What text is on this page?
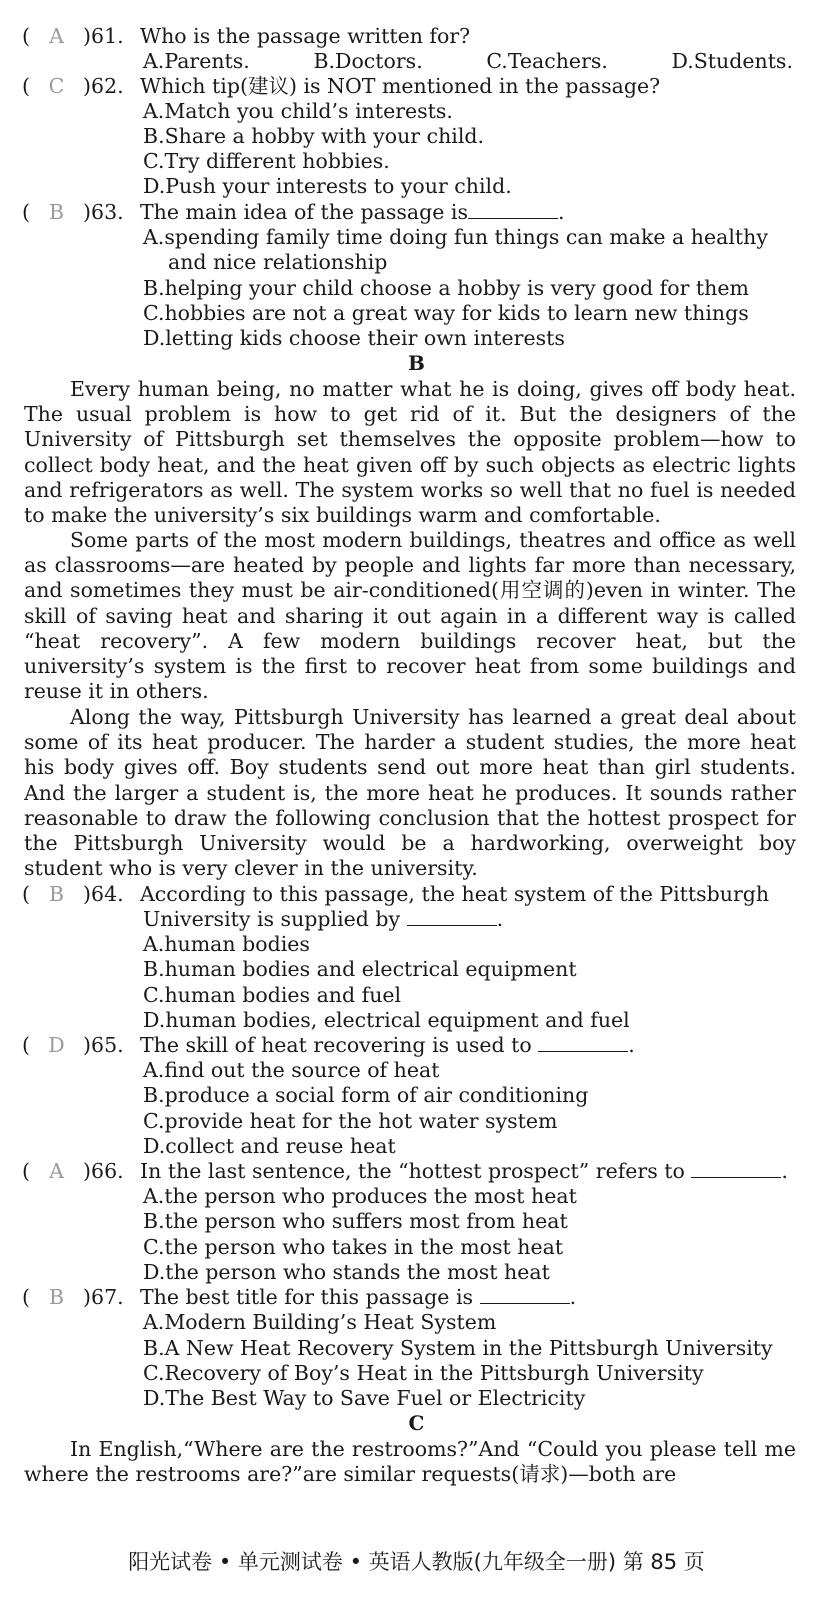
( A )61. Who is the passage written for?
A.Parents.	B.Doctors.	C.Teachers.	D.Students.
( C )62. Which tip(建议) is NOT mentioned in the passage?
A.Match you child’s interests.
B.Share a hobby with your child.
C.Try different hobbies.
D.Push your interests to your child.
( B )63. The main idea of the passage is	.
A.spending family time doing fun things can make a healthy
and nice relationship
B.helping your child choose a hobby is very good for them
C.hobbies are not a great way for kids to learn new things
D.letting kids choose their own interests
B
Every human being, no matter what he is doing, gives off body heat. The usual problem is how to get rid of it. But the designers of the University of Pittsburgh set themselves the opposite problem—how to collect body heat, and the heat given off by such objects as electric lights and refrigerators as well. The system works so well that no fuel is needed to make the university’s six buildings warm and comfortable.
Some parts of the most modern buildings, theatres and office as well as classrooms—are heated by people and lights far more than necessary, and sometimes they must be air-conditioned(用空调的)even in winter. The skill of saving heat and sharing it out again in a different way is called “heat recovery”. A few modern buildings recover heat, but the university’s system is the first to recover heat from some buildings and reuse it in others.
Along the way, Pittsburgh University has learned a great deal about some of its heat producer. The harder a student studies, the more heat his body gives off. Boy students send out more heat than girl students. And the larger a student is, the more heat he produces. It sounds rather reasonable to draw the following conclusion that the hottest prospect for the Pittsburgh University would be a hardworking, overweight boy student who is very clever in the university.
( B )64. According to this passage, the heat system of the Pittsburgh
University is supplied by	.
A.human bodies
B.human bodies and electrical equipment
C.human bodies and fuel
D.human bodies, electrical equipment and fuel
( D )65. The skill of heat recovering is used to	.
A.find out the source of heat
B.produce a social form of air conditioning
C.provide heat for the hot water system
D.collect and reuse heat
( A )66. In the last sentence, the “hottest prospect” refers to	.
A.the person who produces the most heat
B.the person who suffers most from heat
C.the person who takes in the most heat
D.the person who stands the most heat
( B )67. The best title for this passage is	.
A.Modern Building’s Heat System
B.A New Heat Recovery System in the Pittsburgh University
C.Recovery of Boy’s Heat in the Pittsburgh University
D.The Best Way to Save Fuel or Electricity
C
In English,“Where are the restrooms?”And “Could you please tell me where the restrooms are?”are similar requests(请求)—both are
阳光试卷 • 单元测试卷 • 英语人教版(九年级全一册) 第 85 页
